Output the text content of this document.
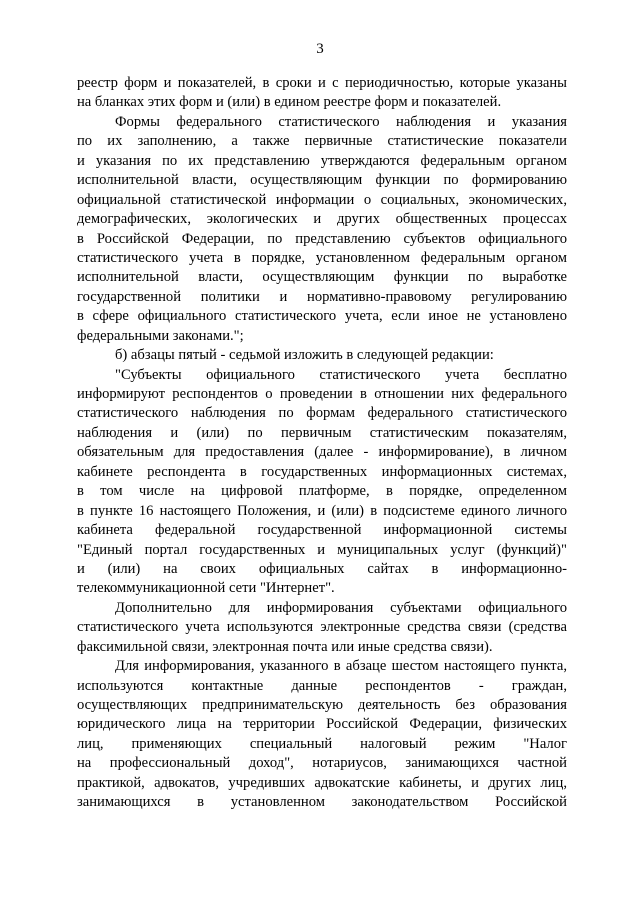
3
реестр форм и показателей, в сроки и с периодичностью, которые указаны
на бланках этих форм и (или) в едином реестре форм и показателей.
Формы федерального статистического наблюдения и указания
по их заполнению, а также первичные статистические показатели
и указания по их представлению утверждаются федеральным органом
исполнительной власти, осуществляющим функции по формированию
официальной статистической информации о социальных, экономических,
демографических, экологических и других общественных процессах
в Российской Федерации, по представлению субъектов официального
статистического учета в порядке, установленном федеральным органом
исполнительной власти, осуществляющим функции по выработке
государственной политики и нормативно-правовому регулированию
в сфере официального статистического учета, если иное не установлено
федеральными законами.";
б) абзацы пятый - седьмой изложить в следующей редакции:
"Субъекты официального статистического учета бесплатно
информируют респондентов о проведении в отношении них федерального
статистического наблюдения по формам федерального статистического
наблюдения и (или) по первичным статистическим показателям,
обязательным для предоставления (далее - информирование), в личном
кабинете респондента в государственных информационных системах,
в том числе на цифровой платформе, в порядке, определенном
в пункте 16 настоящего Положения, и (или) в подсистеме единого личного
кабинета федеральной государственной информационной системы
"Единый портал государственных и муниципальных услуг (функций)"
и (или) на своих официальных сайтах в информационно-
телекоммуникационной сети "Интернет".
Дополнительно для информирования субъектами официального
статистического учета используются электронные средства связи (средства
факсимильной связи, электронная почта или иные средства связи).
Для информирования, указанного в абзаце шестом настоящего пункта,
используются контактные данные респондентов - граждан,
осуществляющих предпринимательскую деятельность без образования
юридического лица на территории Российской Федерации, физических
лиц, применяющих специальный налоговый режим "Налог
на профессиональный доход", нотариусов, занимающихся частной
практикой, адвокатов, учредивших адвокатские кабинеты, и других лиц,
занимающихся в установленном законодательством Российской
